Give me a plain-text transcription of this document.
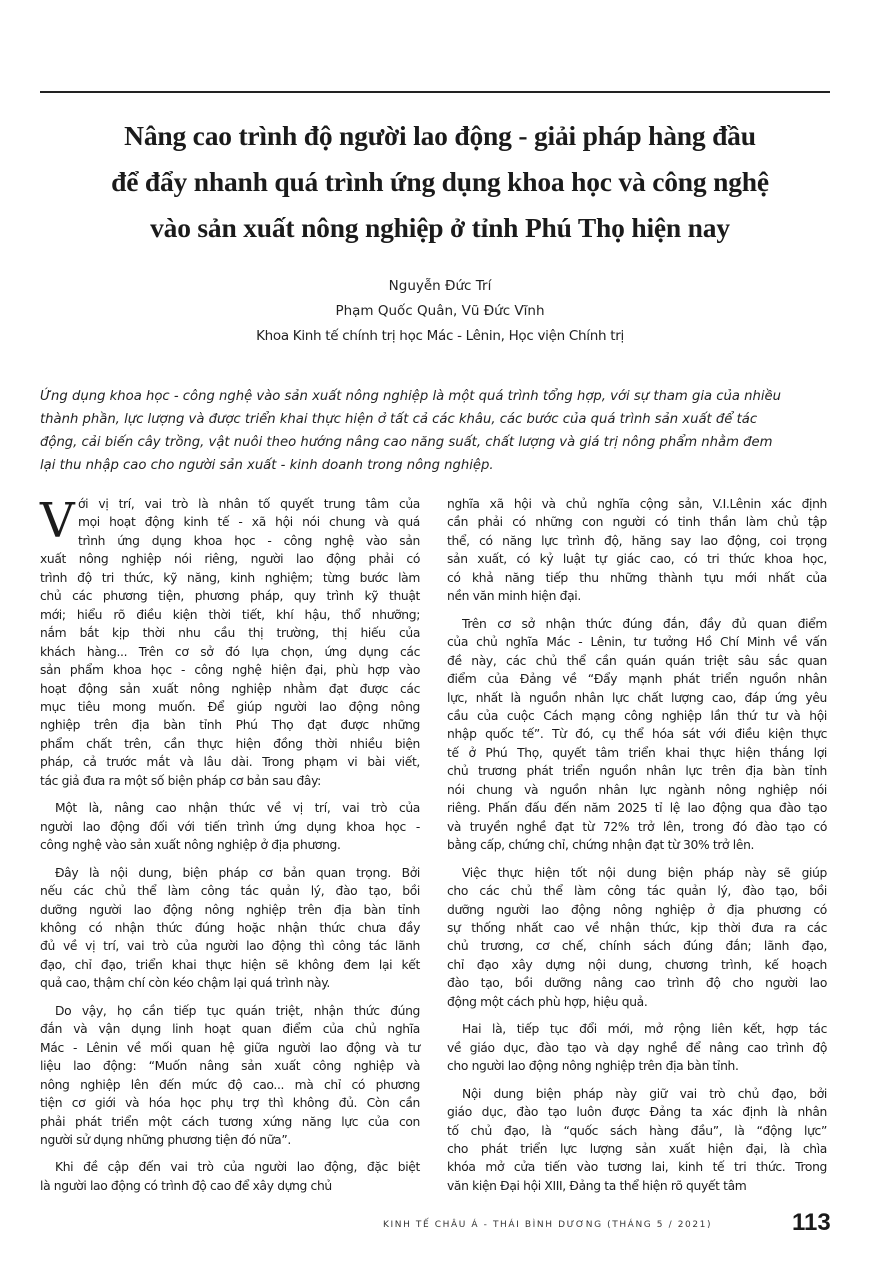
Nâng cao trình độ người lao động - giải pháp hàng đầu
để đẩy nhanh quá trình ứng dụng khoa học và công nghệ
vào sản xuất nông nghiệp ở tỉnh Phú Thọ hiện nay
Nguyễn Đức Trí
Phạm Quốc Quân, Vũ Đức Vĩnh
Khoa Kinh tế chính trị học Mác - Lênin, Học viện Chính trị
Ứng dụng khoa học - công nghệ vào sản xuất nông nghiệp là một quá trình tổng hợp, với sự tham gia của nhiều
thành phần, lực lượng và được triển khai thực hiện ở tất cả các khâu, các bước của quá trình sản xuất để tác
động, cải biến cây trồng, vật nuôi theo hướng nâng cao năng suất, chất lượng và giá trị nông phẩm nhằm đem
lại thu nhập cao cho người sản xuất - kinh doanh trong nông nghiệp.
V ới vị trí, vai trò là nhân tố quyết trung tâm của
mọi hoạt động kinh tế - xã hội nói chung và quá
trình ứng dụng khoa học - công nghệ vào sản
xuất nông nghiệp nói riêng, người lao động phải có
trình độ tri thức, kỹ năng, kinh nghiệm; từng bước làm
chủ các phương tiện, phương pháp, quy trình kỹ thuật
mới; hiểu rõ điều kiện thời tiết, khí hậu, thổ nhưỡng;
nắm bắt kịp thời nhu cầu thị trường, thị hiếu của
khách hàng... Trên cơ sở đó lựa chọn, ứng dụng các
sản phẩm khoa học - công nghệ hiện đại, phù hợp vào
hoạt động sản xuất nông nghiệp nhằm đạt được các
mục tiêu mong muốn. Để giúp người lao động nông
nghiệp trên địa bàn tỉnh Phú Thọ đạt được những
phẩm chất trên, cần thực hiện đồng thời nhiều biện
pháp, cả trước mắt và lâu dài. Trong phạm vi bài viết,
tác giả đưa ra một số biện pháp cơ bản sau đây:
Một là, nâng cao nhận thức về vị trí, vai trò của
người lao động đối với tiến trình ứng dụng khoa học -
công nghệ vào sản xuất nông nghiệp ở địa phương.
Đây là nội dung, biện pháp cơ bản quan trọng. Bởi
nếu các chủ thể làm công tác quản lý, đào tạo, bồi
dưỡng người lao động nông nghiệp trên địa bàn tỉnh
không có nhận thức đúng hoặc nhận thức chưa đầy
đủ về vị trí, vai trò của người lao động thì công tác lãnh
đạo, chỉ đạo, triển khai thực hiện sẽ không đem lại kết
quả cao, thậm chí còn kéo chậm lại quá trình này.
Do vậy, họ cần tiếp tục quán triệt, nhận thức đúng
đắn và vận dụng linh hoạt quan điểm của chủ nghĩa
Mác - Lênin về mối quan hệ giữa người lao động và tư
liệu lao động: “Muốn nâng sản xuất công nghiệp và
nông nghiệp lên đến mức độ cao... mà chỉ có phương
tiện cơ giới và hóa học phụ trợ thì không đủ. Còn cần
phải phát triển một cách tương xứng năng lực của con
người sử dụng những phương tiện đó nữa”.
Khi đề cập đến vai trò của người lao động, đặc biệt
là người lao động có trình độ cao để xây dựng chủ
nghĩa xã hội và chủ nghĩa cộng sản, V.I.Lênin xác định
cần phải có những con người có tinh thần làm chủ tập
thể, có năng lực trình độ, hăng say lao động, coi trọng
sản xuất, có kỷ luật tự giác cao, có tri thức khoa học,
có khả năng tiếp thu những thành tựu mới nhất của
nền văn minh hiện đại.
Trên cơ sở nhận thức đúng đắn, đầy đủ quan điểm
của chủ nghĩa Mác - Lênin, tư tưởng Hồ Chí Minh về vấn
đề này, các chủ thể cần quán quán triệt sâu sắc quan
điểm của Đảng về “Đẩy mạnh phát triển nguồn nhân
lực, nhất là nguồn nhân lực chất lượng cao, đáp ứng yêu
cầu của cuộc Cách mạng công nghiệp lần thứ tư và hội
nhập quốc tế”. Từ đó, cụ thể hóa sát với điều kiện thực
tế ở Phú Thọ, quyết tâm triển khai thực hiện thắng lợi
chủ trương phát triển nguồn nhân lực trên địa bàn tỉnh
nói chung và nguồn nhân lực ngành nông nghiệp nói
riêng. Phấn đấu đến năm 2025 tỉ lệ lao động qua đào tạo
và truyền nghề đạt từ 72% trở lên, trong đó đào tạo có
bằng cấp, chứng chỉ, chứng nhận đạt từ 30% trở lên.
Việc thực hiện tốt nội dung biện pháp này sẽ giúp
cho các chủ thể làm công tác quản lý, đào tạo, bồi
dưỡng người lao động nông nghiệp ở địa phương có
sự thống nhất cao về nhận thức, kịp thời đưa ra các
chủ trương, cơ chế, chính sách đúng đắn; lãnh đạo,
chỉ đạo xây dựng nội dung, chương trình, kế hoạch
đào tạo, bồi dưỡng nâng cao trình độ cho người lao
động một cách phù hợp, hiệu quả.
Hai là, tiếp tục đổi mới, mở rộng liên kết, hợp tác
về giáo dục, đào tạo và dạy nghề để nâng cao trình độ
cho người lao động nông nghiệp trên địa bàn tỉnh.
Nội dung biện pháp này giữ vai trò chủ đạo, bởi
giáo dục, đào tạo luôn được Đảng ta xác định là nhân
tố chủ đạo, là “quốc sách hàng đầu”, là “động lực”
cho phát triển lực lượng sản xuất hiện đại, là chìa
khóa mở cửa tiến vào tương lai, kinh tế tri thức. Trong
văn kiện Đại hội XIII, Đảng ta thể hiện rõ quyết tâm
KINH TẾ CHÂU Á - THÁI BÌNH DƯƠNG (THÁNG 5 / 2021)	113
